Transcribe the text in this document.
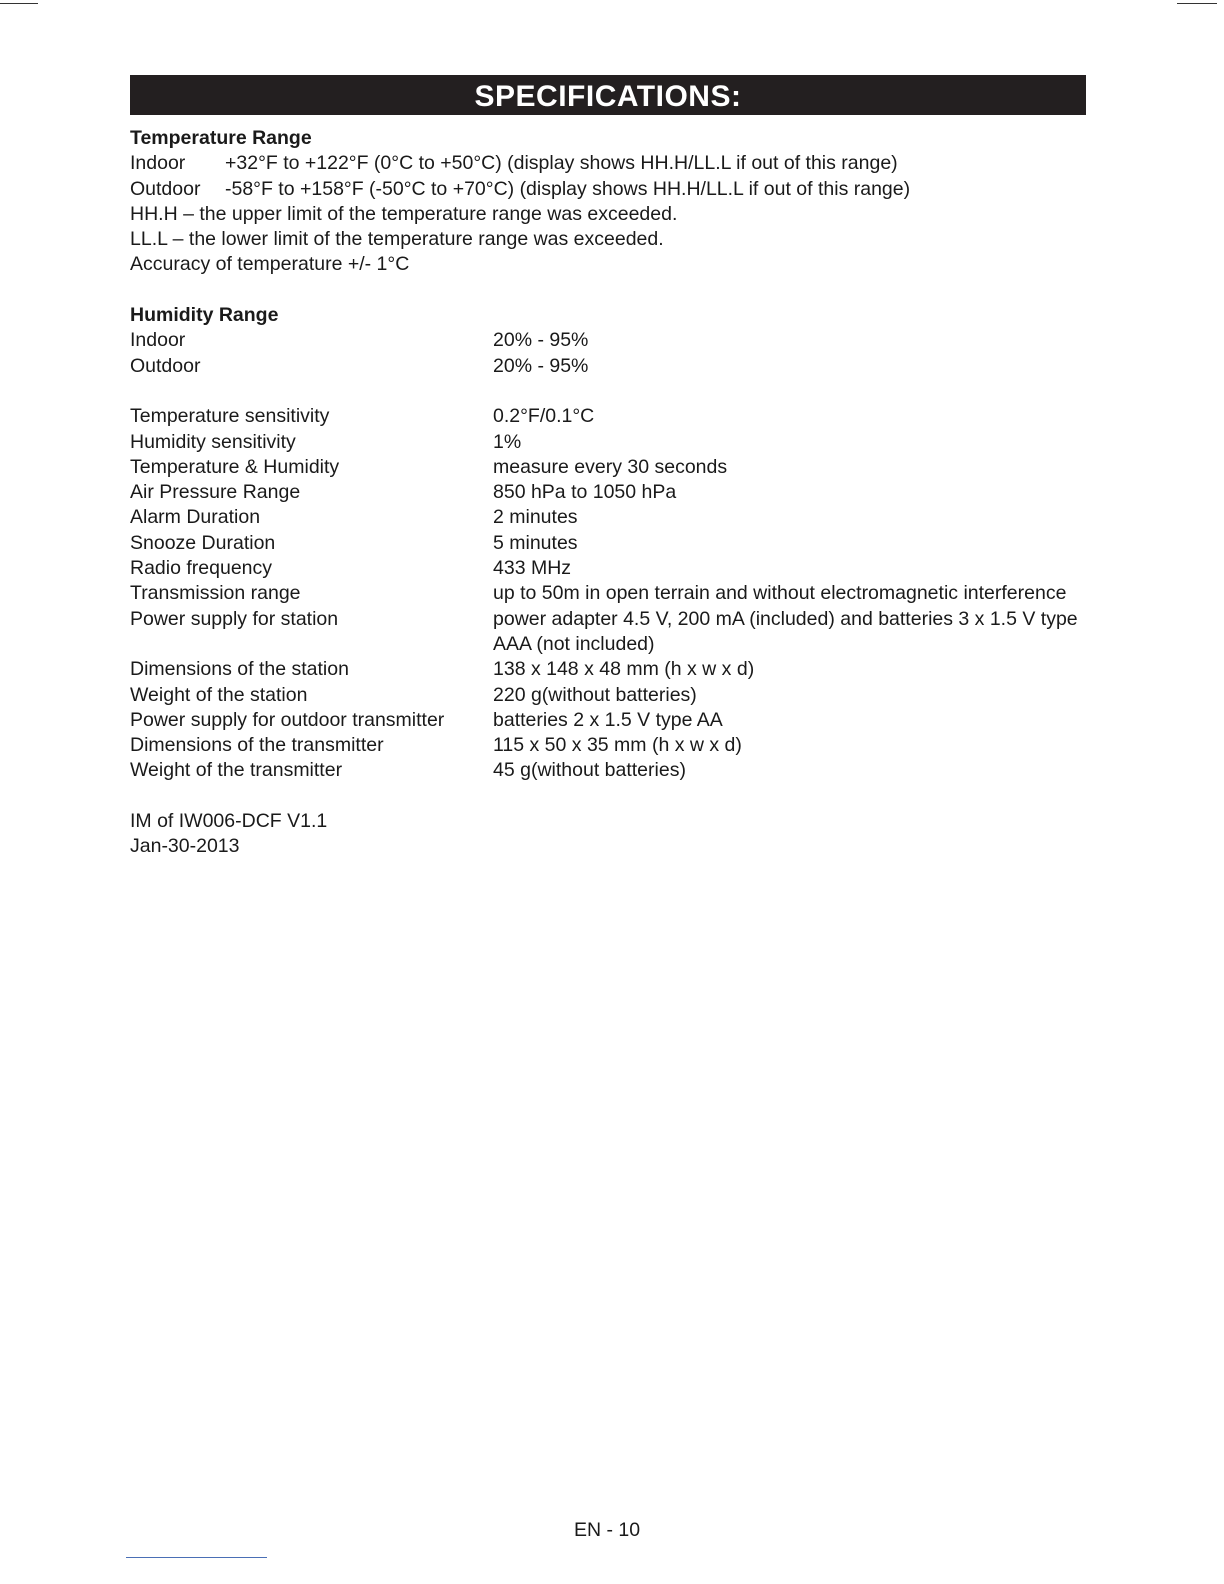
SPECIFICATIONS:
Temperature Range
Indoor +32°F to +122°F (0°C to +50°C) (display shows HH.H/LL.L if out of this range)
Outdoor -58°F to +158°F (-50°C to +70°C) (display shows HH.H/LL.L if out of this range)
HH.H – the upper limit of the temperature range was exceeded.
LL.L – the lower limit of the temperature range was exceeded.
Accuracy of temperature +/- 1°C
Humidity Range
Indoor	20% - 95%
Outdoor	20% - 95%
Temperature sensitivity	0.2°F/0.1°C
Humidity sensitivity	1%
Temperature & Humidity	measure every 30 seconds
Air Pressure Range	850 hPa to 1050 hPa
Alarm Duration	2 minutes
Snooze Duration	5 minutes
Radio frequency	433 MHz
Transmission range	up to 50m in open terrain and without electromagnetic interference
Power supply for station	power adapter 4.5 V, 200 mA (included) and batteries 3 x 1.5 V type AAA (not included)
Dimensions of the station	138 x 148 x 48 mm (h x w x d)
Weight of the station	220 g(without batteries)
Power supply for outdoor transmitter	batteries 2 x 1.5 V type AA
Dimensions of the transmitter	115 x 50 x 35 mm (h x w x d)
Weight of the transmitter	45 g(without batteries)
IM of IW006-DCF V1.1
Jan-30-2013
EN - 10
